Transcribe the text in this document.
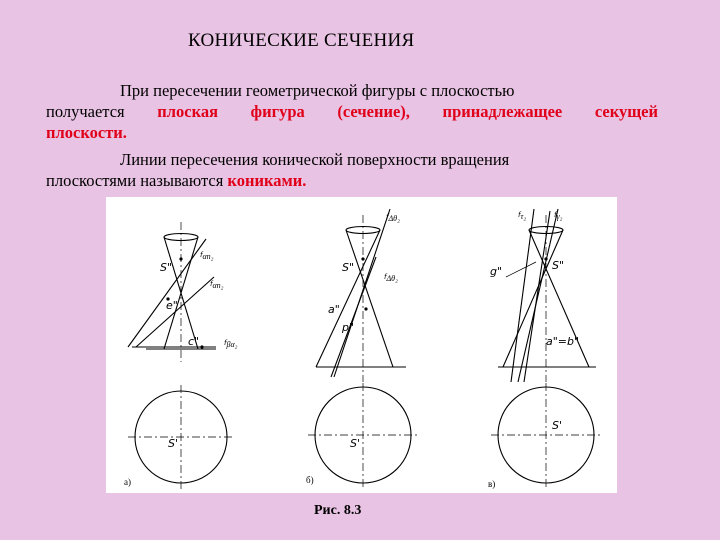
КОНИЧЕСКИЕ СЕЧЕНИЯ
При пересечении геометрической фигуры с плоскостью

получается плоская фигура (сечение), принадлежащее секущей
плоскости.
Линии пересечения конической поверхности вращения
плоскостями называются кониками.
S"
fαn₂
e"
fαn₂
c"	fβα₂
S'
а)
fΔθ₂
S"
fΔθ₂
a"
p"
S'
б)
fτ₂	fγ₂
g"	S"
a"=b"
S'
в)
Рис. 8.3
